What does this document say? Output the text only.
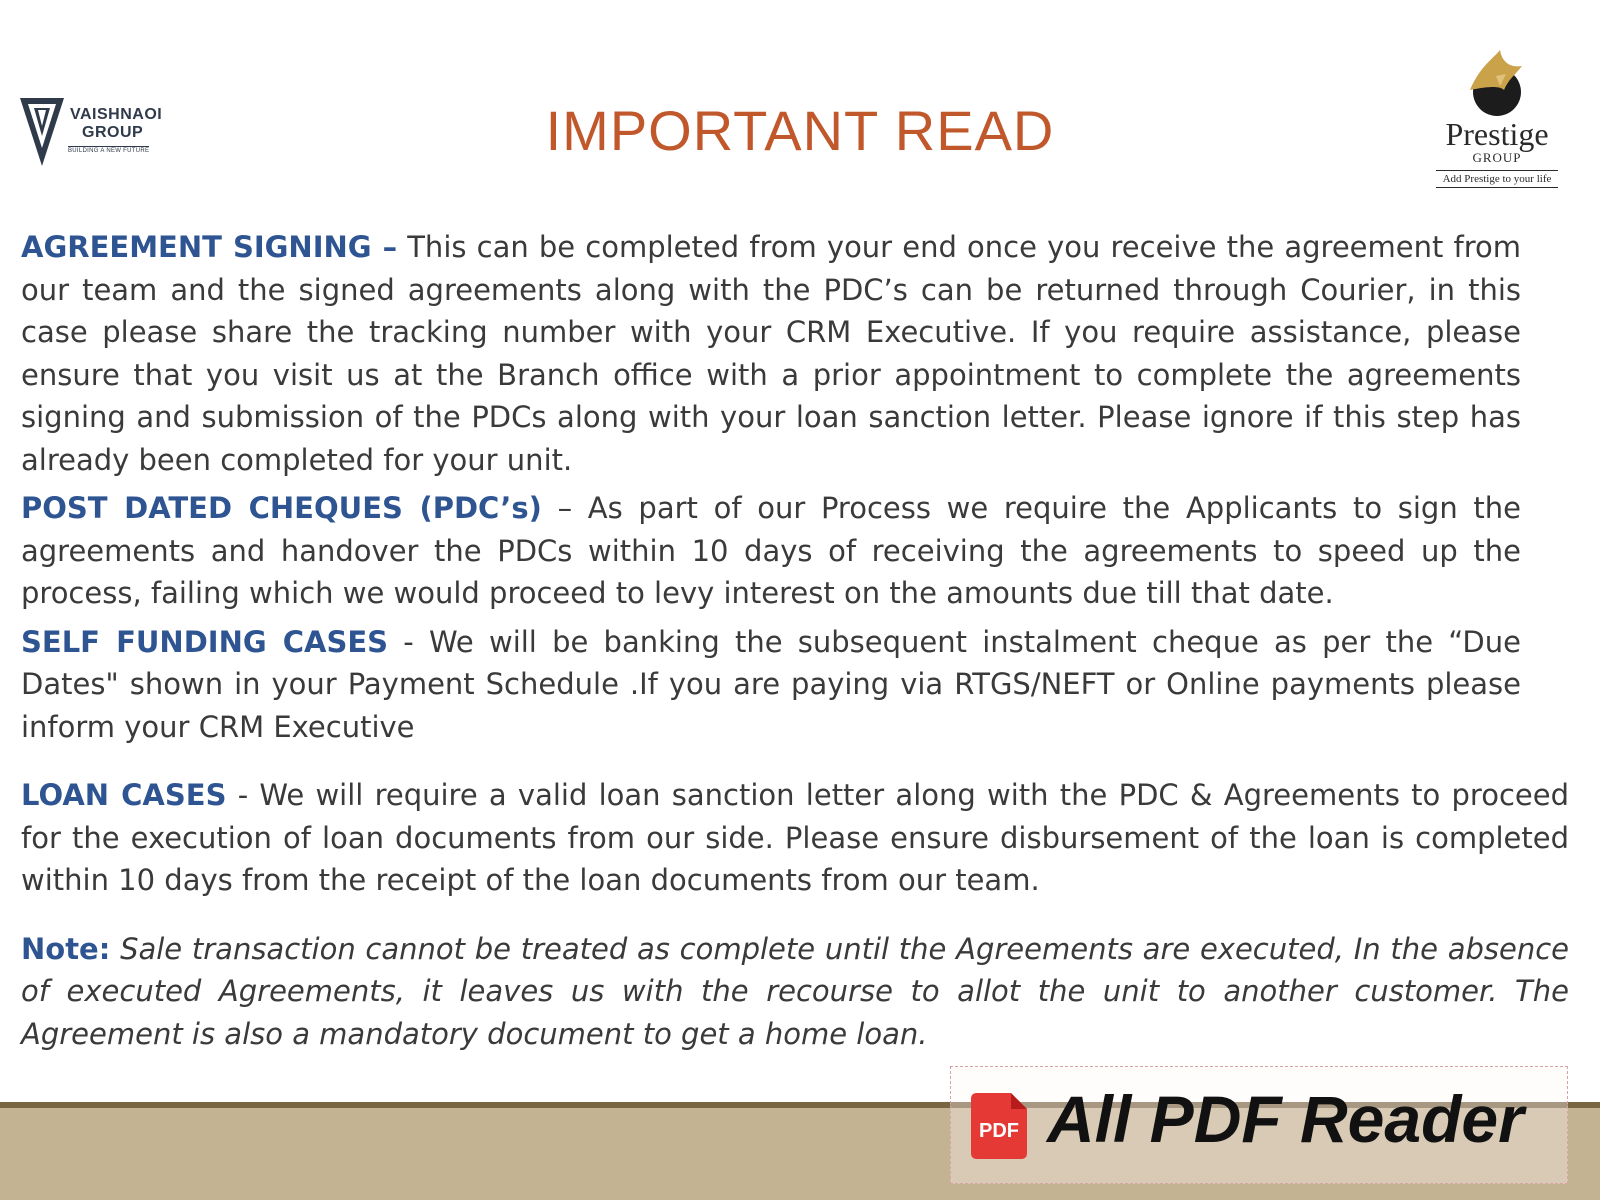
VAISHNAOI
GROUP
BUILDING A NEW FUTURE	IMPORTANT READ	Prestige
GROUP
Add Prestige to your life

AGREEMENT SIGNING – This can be completed from your end once you receive the agreement from our team and the signed agreements along with the PDC’s can be returned through Courier, in this case please share the tracking number with your CRM Executive. If you require assistance, please ensure that you visit us at the Branch office with a prior appointment to complete the agreements signing and submission of the PDCs along with your loan sanction letter. Please ignore if this step has already been completed for your unit.

POST DATED CHEQUES (PDC’s) – As part of our Process we require the Applicants to sign the agreements and handover the PDCs within 10 days of receiving the agreements to speed up the process, failing which we would proceed to levy interest on the amounts due till that date.

SELF FUNDING CASES - We will be banking the subsequent instalment cheque as per the “Due Dates" shown in your Payment Schedule .If you are paying via RTGS/NEFT or Online payments please inform your CRM Executive

LOAN CASES - We will require a valid loan sanction letter along with the PDC & Agreements to proceed for the execution of loan documents from our side. Please ensure disbursement of the loan is completed within 10 days from the receipt of the loan documents from our team.

Note: Sale transaction cannot be treated as complete until the Agreements are executed, In the absence of executed Agreements, it leaves us with the recourse to allot the unit to another customer. The Agreement is also a mandatory document to get a home loan.

PDF All PDF Reader
